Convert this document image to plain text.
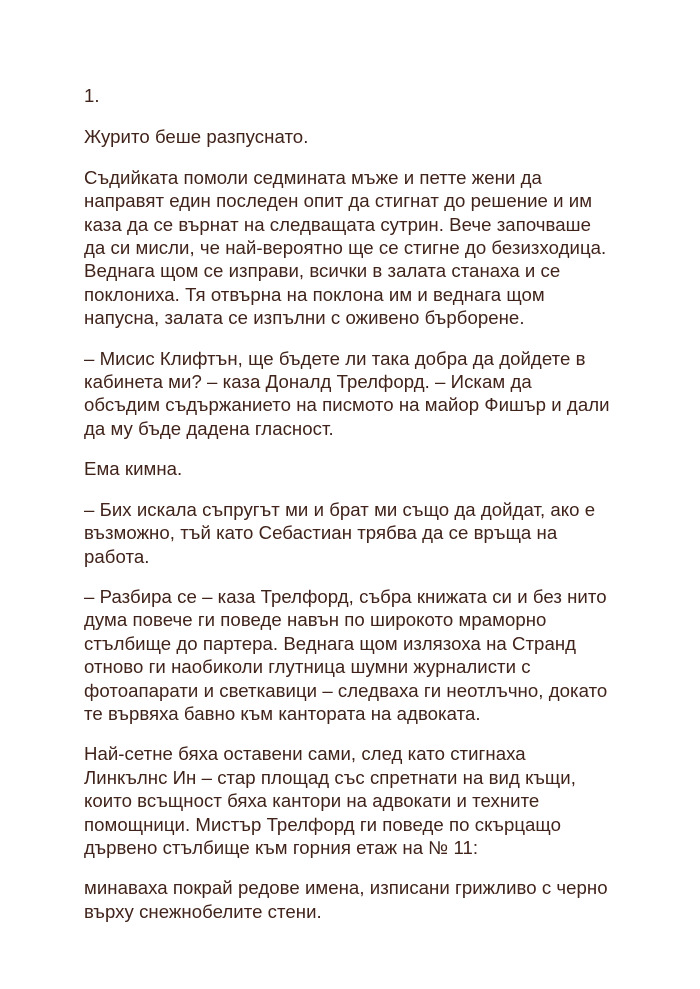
1.

Журито беше разпуснато.

Съдийката помоли седмината мъже и петте жени да
направят един последен опит да стигнат до решение и им
каза да се върнат на следващата сутрин. Вече започваше
да си мисли, че най-вероятно ще се стигне до безизходица.
Веднага щом се изправи, всички в залата станаха и се
поклониха. Тя отвърна на поклона им и веднага щом
напусна, залата се изпълни с оживено бърборене.

– Мисис Клифтън, ще бъдете ли така добра да дойдете в
кабинета ми? – каза Доналд Трелфорд. – Искам да
обсъдим съдържанието на писмото на майор Фишър и дали
да му бъде дадена гласност.

Ема кимна.

– Бих искала съпругът ми и брат ми също да дойдат, ако е
възможно, тъй като Себастиан трябва да се връща на
работа.

– Разбира се – каза Трелфорд, събра книжата си и без нито
дума повече ги поведе навън по широкото мраморно
стълбище до партера. Веднага щом излязоха на Странд
отново ги наобиколи глутница шумни журналисти с
фотоапарати и светкавици – следваха ги неотлъчно, докато
те вървяха бавно към кантората на адвоката.

Най-сетне бяха оставени сами, след като стигнаха
Линкълнс Ин – стар площад със спретнати на вид къщи,
които всъщност бяха кантори на адвокати и техните
помощници. Мистър Трелфорд ги поведе по скърцащо
дървено стълбище към горния етаж на № 11:

минаваха покрай редове имена, изписани грижливо с черно
върху снежнобелите стени.
